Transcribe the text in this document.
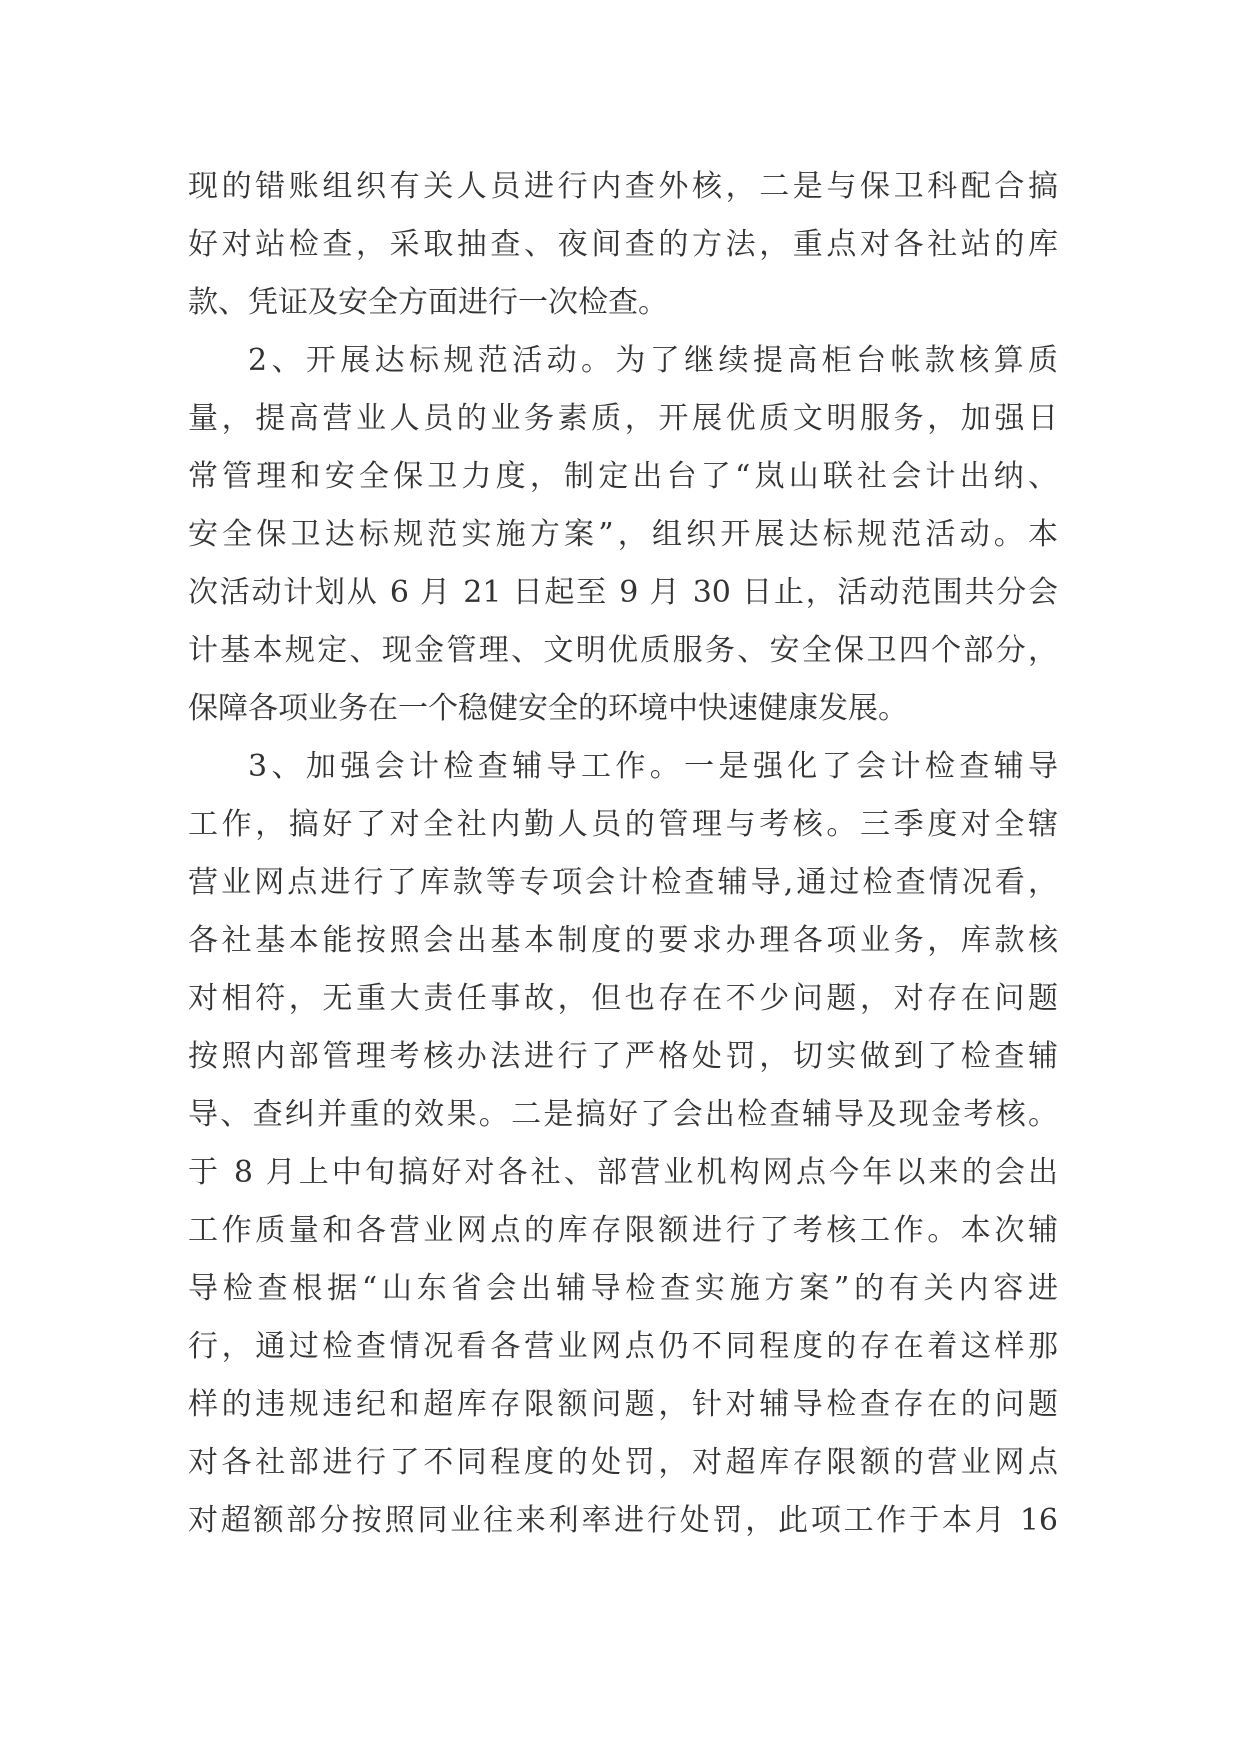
现的错账组织有关人员进行内查外核，二是与保卫科配合搞
好对站检查，采取抽查、夜间查的方法，重点对各社站的库
款、凭证及安全方面进行一次检查。
2、开展达标规范活动。为了继续提高柜台帐款核算质
量，提高营业人员的业务素质，开展优质文明服务，加强日
常管理和安全保卫力度，制定出台了“岚山联社会计出纳、
安全保卫达标规范实施方案”，组织开展达标规范活动。本
次活动计划从 6 月 21 日起至 9 月 30 日止，活动范围共分会
计基本规定、现金管理、文明优质服务、安全保卫四个部分，
保障各项业务在一个稳健安全的环境中快速健康发展。
3、加强会计检查辅导工作。一是强化了会计检查辅导
工作，搞好了对全社内勤人员的管理与考核。三季度对全辖
营业网点进行了库款等专项会计检查辅导,通过检查情况看，
各社基本能按照会出基本制度的要求办理各项业务，库款核
对相符，无重大责任事故，但也存在不少问题，对存在问题
按照内部管理考核办法进行了严格处罚，切实做到了检查辅
导、查纠并重的效果。二是搞好了会出检查辅导及现金考核。
于 8 月上中旬搞好对各社、部营业机构网点今年以来的会出
工作质量和各营业网点的库存限额进行了考核工作。本次辅
导检查根据“山东省会出辅导检查实施方案”的有关内容进
行，通过检查情况看各营业网点仍不同程度的存在着这样那
样的违规违纪和超库存限额问题，针对辅导检查存在的问题
对各社部进行了不同程度的处罚，对超库存限额的营业网点
对超额部分按照同业往来利率进行处罚，此项工作于本月 16
